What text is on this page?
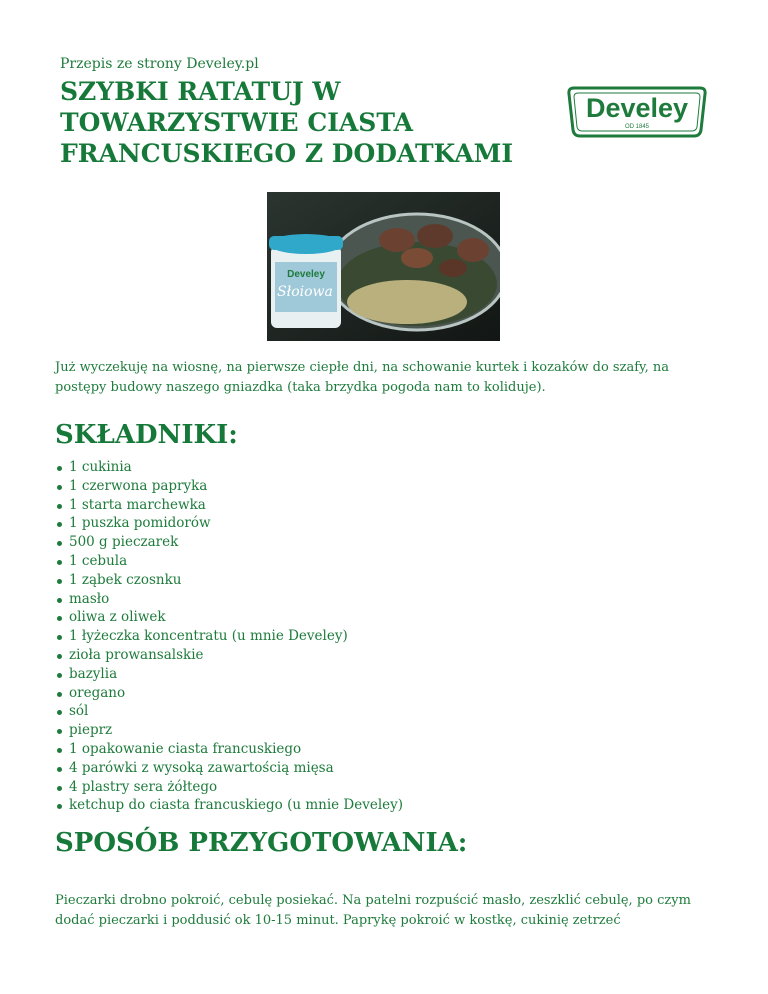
Przepis ze strony Develey.pl
SZYBKI RATATUJ W TOWARZYSTWIE CIASTA FRANCUSKIEGO Z DODATKAMI
Develey
OD 1845
Develey
Słoiowa

Już wyczekuję na wiosnę, na pierwsze ciepłe dni, na schowanie kurtek i kozaków do szafy, na postępy budowy naszego gniazdka (taka brzydka pogoda nam to koliduje).

SKŁADNIKI:
1 cukinia
1 czerwona papryka
1 starta marchewka
1 puszka pomidorów
500 g pieczarek
1 cebula
1 ząbek czosnku
masło
oliwa z oliwek
1 łyżeczka koncentratu (u mnie Develey)
zioła prowansalskie
bazylia
oregano
sól
pieprz
1 opakowanie ciasta francuskiego
4 parówki z wysoką zawartością mięsa
4 plastry sera żółtego
ketchup do ciasta francuskiego (u mnie Develey)
SPOSÓB PRZYGOTOWANIA:

Pieczarki drobno pokroić, cebulę posiekać. Na patelni rozpuścić masło, zeszklić cebulę, po czym dodać pieczarki i poddusić ok 10-15 minut. Paprykę pokroić w kostkę, cukinię zetrzeć
